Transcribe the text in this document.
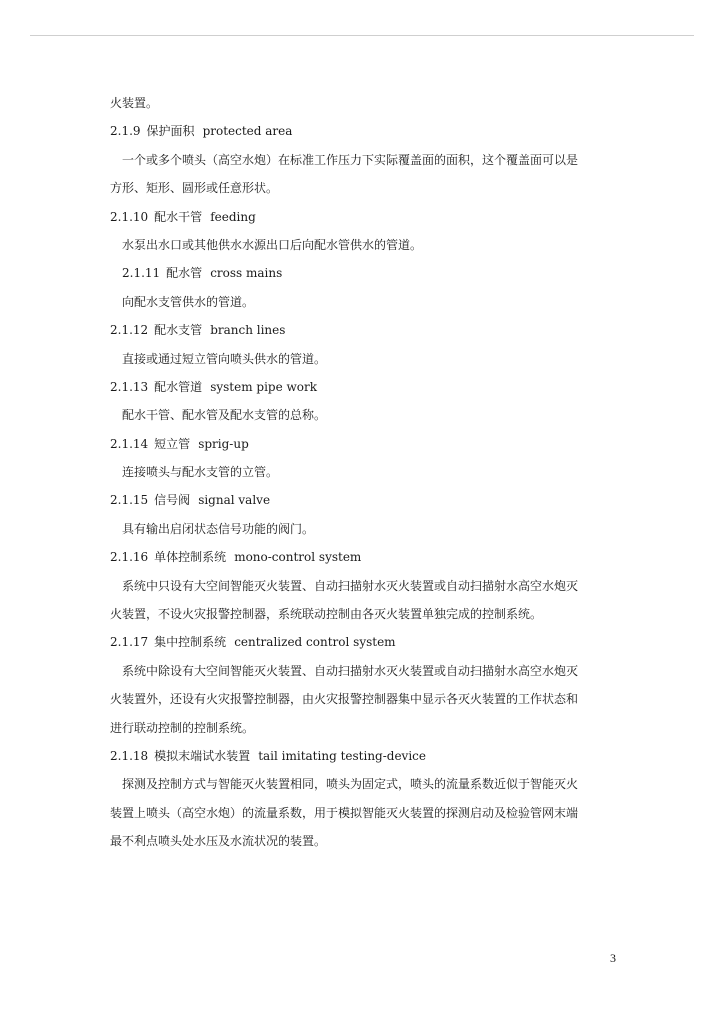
火装置。
2.1.9 保护面积 protected area
一个或多个喷头（高空水炮）在标准工作压力下实际覆盖面的面积，这个覆盖面可以是
方形、矩形、圆形或任意形状。
2.1.10 配水干管 feeding
水泵出水口或其他供水水源出口后向配水管供水的管道。
2.1.11 配水管 cross mains
向配水支管供水的管道。
2.1.12 配水支管 branch lines
直接或通过短立管向喷头供水的管道。
2.1.13 配水管道 system pipe work
配水干管、配水管及配水支管的总称。
2.1.14 短立管 sprig-up
连接喷头与配水支管的立管。
2.1.15 信号阀 signal valve
具有输出启闭状态信号功能的阀门。
2.1.16 单体控制系统 mono-control system
系统中只设有大空间智能灭火装置、自动扫描射水灭火装置或自动扫描射水高空水炮灭
火装置，不设火灾报警控制器，系统联动控制由各灭火装置单独完成的控制系统。
2.1.17 集中控制系统 centralized control system
系统中除设有大空间智能灭火装置、自动扫描射水灭火装置或自动扫描射水高空水炮灭
火装置外，还设有火灾报警控制器，由火灾报警控制器集中显示各灭火装置的工作状态和
进行联动控制的控制系统。
2.1.18 模拟末端试水装置 tail imitating testing-device
探测及控制方式与智能灭火装置相同，喷头为固定式，喷头的流量系数近似于智能灭火
装置上喷头（高空水炮）的流量系数，用于模拟智能灭火装置的探测启动及检验管网末端
最不利点喷头处水压及水流状况的装置。
3
